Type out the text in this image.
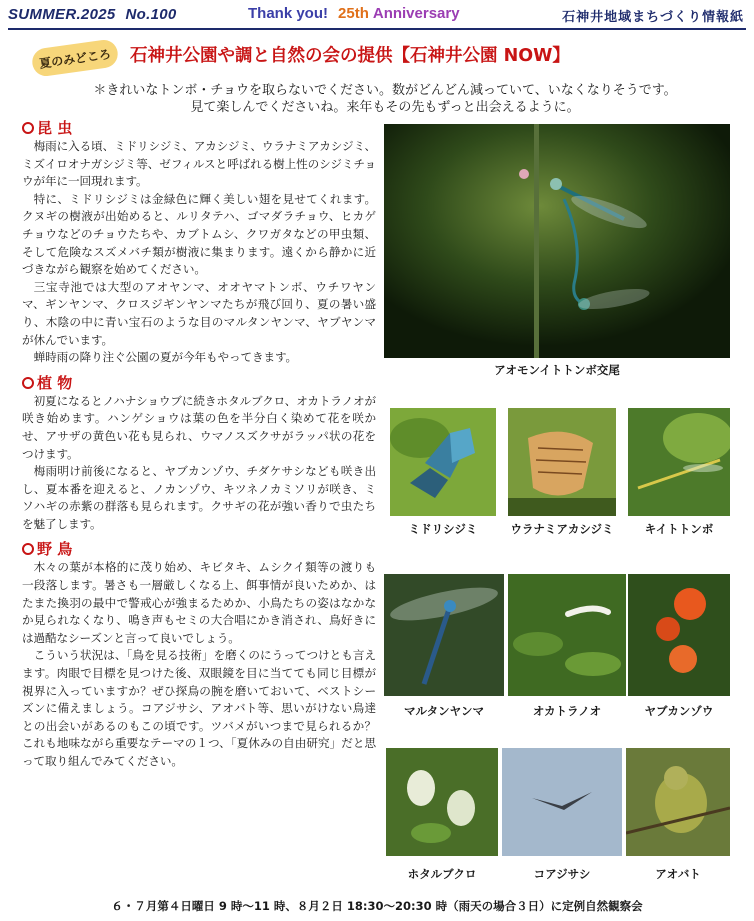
SUMMER.2025 No.100	Thank you! 25th Anniversary	石神井地域まちづくり情報紙
夏のみどころ 石神井公園や調と自然の会の提供【石神井公園 NOW】
＊きれいなトンボ・チョウを取らないでください。数がどんどん減っていて、いなくなりそうです。
見て楽しんでくださいね。来年もその先もずっと出会えるように。
昆 虫

梅雨に入る頃、ミドリシジミ、アカシジミ、ウラナミアカシジミ、ミズイロオナガシジミ等、ゼフィルスと呼ばれる樹上性のシジミチョウが年に一回現れます。

特に、ミドリシジミは金緑色に輝く美しい翅を見せてくれます。クヌギの樹液が出始めると、ルリタテハ、ゴマダラチョウ、ヒカゲチョウなどのチョウたちや、カブトムシ、クワガタなどの甲虫類、そして危険なスズメバチ類が樹液に集まります。遠くから静かに近づきながら観察を始めてください。

三宝寺池では大型のアオヤンマ、オオヤマトンボ、ウチワヤンマ、ギンヤンマ、クロスジギンヤンマたちが飛び回り、夏の暑い盛り、木陰の中に青い宝石のような目のマルタンヤンマ、ヤブヤンマが休んでいます。

蝉時雨の降り注ぐ公園の夏が今年もやってきます。

植 物

初夏になるとノハナショウブに続きホタルブクロ、オカトラノオが咲き始めます。ハンゲショウは葉の色を半分白く染めて花を咲かせ、アサザの黄色い花も見られ、ウマノスズクサがラッパ状の花をつけます。

梅雨明け前後になると、ヤブカンゾウ、チダケサシなども咲き出し、夏本番を迎えると、ノカンゾウ、キツネノカミソリが咲き、ミソハギの赤紫の群落も見られます。クサギの花が強い香りで虫たちを魅了します。

野 鳥

木々の葉が本格的に茂り始め、キビタキ、ムシクイ類等の渡りも一段落します。暑さも一層厳しくなる上、餌事情が良いためか、はたまた換羽の最中で警戒心が強まるためか、小鳥たちの姿はなかなか見られなくなり、鳴き声もセミの大合唱にかき消され、鳥好きには過酷なシーズンと言って良いでしょう。

こういう状況は、「鳥を見る技術」を磨くのにうってつけとも言えます。肉眼で目標を見つけた後、双眼鏡を目に当てても同じ目標が視界に入っていますか？ぜひ探鳥の腕を磨いておいて、ベストシーズンに備えましょう。コアジサシ、アオバト等、思いがけない鳥達との出会いがあるのもこの頃です。ツバメがいつまで見られるか？これも地味ながら重要なテーマの１つ、「夏休みの自由研究」だと思って取り組んでみてください。

アオモンイトトンボ交尾
ミドリシジミ	ウラナミアカシジミ	キイトトンボ
マルタンヤンマ	オカトラノオ	ヤブカンゾウ
ホタルブクロ	コアジサシ	アオバト
６・７月第４日曜日 9 時〜11 時、８月２日 18:30〜20:30 時（雨天の場合３日）に定例自然観察会
